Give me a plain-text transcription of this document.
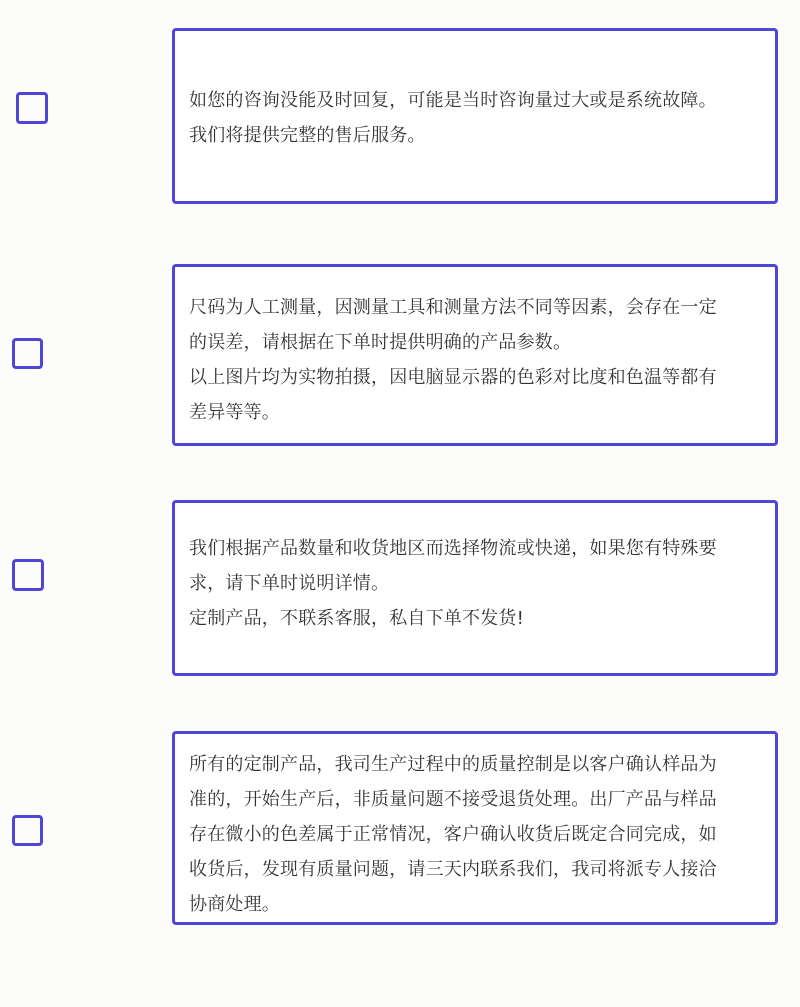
如您的咨询没能及时回复，可能是当时咨询量过大或是系统故障。
我们将提供完整的售后服务。
尺码为人工测量，因测量工具和测量方法不同等因素，会存在一定
的误差，请根据在下单时提供明确的产品参数。
以上图片均为实物拍摄，因电脑显示器的色彩对比度和色温等都有
差异等等。
我们根据产品数量和收货地区而选择物流或快递，如果您有特殊要
求，请下单时说明详情。
定制产品，不联系客服，私自下单不发货!
所有的定制产品，我司生产过程中的质量控制是以客户确认样品为
准的，开始生产后，非质量问题不接受退货处理。出厂产品与样品
存在微小的色差属于正常情况，客户确认收货后既定合同完成，如
收货后，发现有质量问题，请三天内联系我们，我司将派专人接洽
协商处理。
